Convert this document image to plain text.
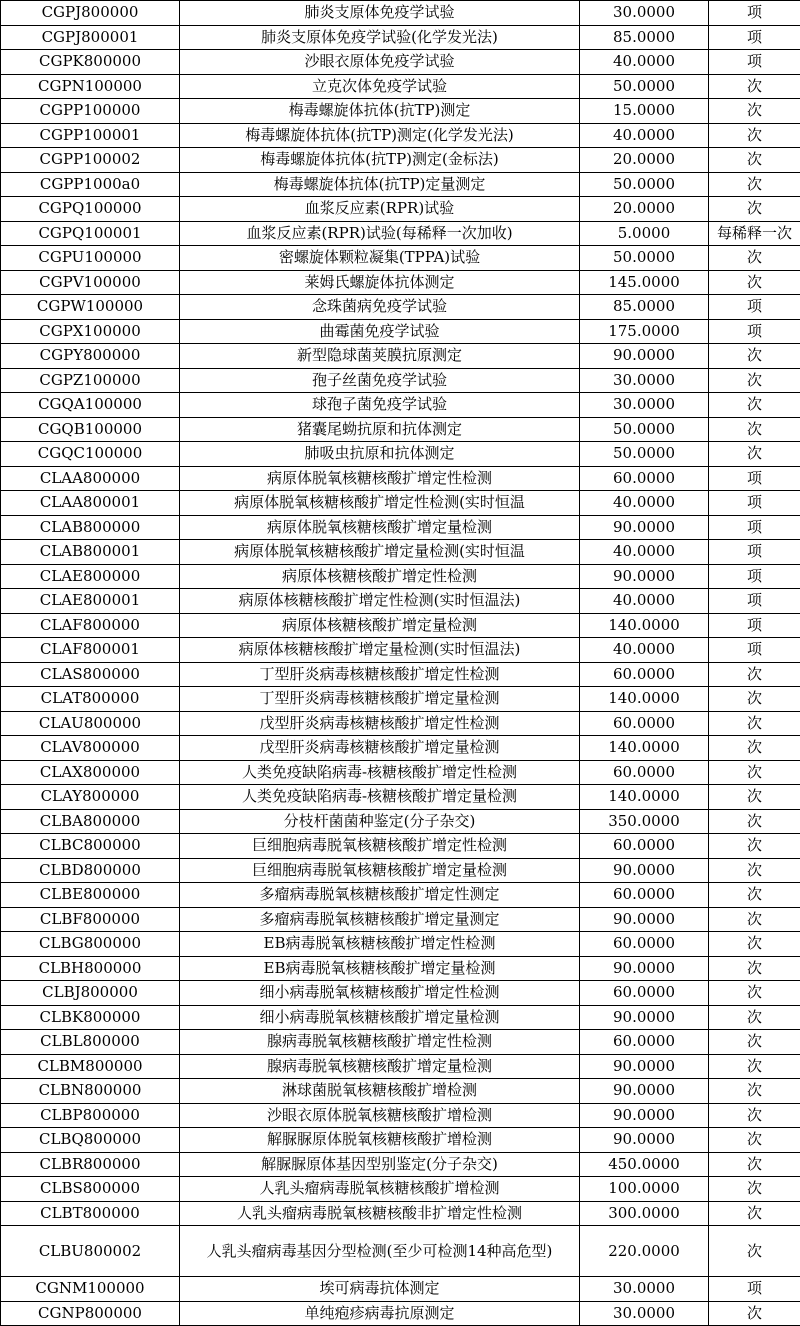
CGPJ800000	肺炎支原体免疫学试验	30.0000	项
CGPJ800001	肺炎支原体免疫学试验(化学发光法)	85.0000	项
CGPK800000	沙眼衣原体免疫学试验	40.0000	项
CGPN100000	立克次体免疫学试验	50.0000	次
CGPP100000	梅毒螺旋体抗体(抗TP)测定	15.0000	次
CGPP100001	梅毒螺旋体抗体(抗TP)测定(化学发光法)	40.0000	次
CGPP100002	梅毒螺旋体抗体(抗TP)测定(金标法)	20.0000	次
CGPP1000a0	梅毒螺旋体抗体(抗TP)定量测定	50.0000	次
CGPQ100000	血浆反应素(RPR)试验	20.0000	次
CGPQ100001	血浆反应素(RPR)试验(每稀释一次加收)	5.0000	每稀释一次
CGPU100000	密螺旋体颗粒凝集(TPPA)试验	50.0000	次
CGPV100000	莱姆氏螺旋体抗体测定	145.0000	次
CGPW100000	念珠菌病免疫学试验	85.0000	项
CGPX100000	曲霉菌免疫学试验	175.0000	项
CGPY800000	新型隐球菌荚膜抗原测定	90.0000	次
CGPZ100000	孢子丝菌免疫学试验	30.0000	次
CGQA100000	球孢子菌免疫学试验	30.0000	次
CGQB100000	猪囊尾蚴抗原和抗体测定	50.0000	次
CGQC100000	肺吸虫抗原和抗体测定	50.0000	次
CLAA800000	病原体脱氧核糖核酸扩增定性检测	60.0000	项
CLAA800001	病原体脱氧核糖核酸扩增定性检测(实时恒温	40.0000	项
CLAB800000	病原体脱氧核糖核酸扩增定量检测	90.0000	项
CLAB800001	病原体脱氧核糖核酸扩增定量检测(实时恒温	40.0000	项
CLAE800000	病原体核糖核酸扩增定性检测	90.0000	项
CLAE800001	病原体核糖核酸扩增定性检测(实时恒温法)	40.0000	项
CLAF800000	病原体核糖核酸扩增定量检测	140.0000	项
CLAF800001	病原体核糖核酸扩增定量检测(实时恒温法)	40.0000	项
CLAS800000	丁型肝炎病毒核糖核酸扩增定性检测	60.0000	次
CLAT800000	丁型肝炎病毒核糖核酸扩增定量检测	140.0000	次
CLAU800000	戊型肝炎病毒核糖核酸扩增定性检测	60.0000	次
CLAV800000	戊型肝炎病毒核糖核酸扩增定量检测	140.0000	次
CLAX800000	人类免疫缺陷病毒-核糖核酸扩增定性检测	60.0000	次
CLAY800000	人类免疫缺陷病毒-核糖核酸扩增定量检测	140.0000	次
CLBA800000	分枝杆菌菌种鉴定(分子杂交)	350.0000	次
CLBC800000	巨细胞病毒脱氧核糖核酸扩增定性检测	60.0000	次
CLBD800000	巨细胞病毒脱氧核糖核酸扩增定量检测	90.0000	次
CLBE800000	多瘤病毒脱氧核糖核酸扩增定性测定	60.0000	次
CLBF800000	多瘤病毒脱氧核糖核酸扩增定量测定	90.0000	次
CLBG800000	EB病毒脱氧核糖核酸扩增定性检测	60.0000	次
CLBH800000	EB病毒脱氧核糖核酸扩增定量检测	90.0000	次
CLBJ800000	细小病毒脱氧核糖核酸扩增定性检测	60.0000	次
CLBK800000	细小病毒脱氧核糖核酸扩增定量检测	90.0000	次
CLBL800000	腺病毒脱氧核糖核酸扩增定性检测	60.0000	次
CLBM800000	腺病毒脱氧核糖核酸扩增定量检测	90.0000	次
CLBN800000	淋球菌脱氧核糖核酸扩增检测	90.0000	次
CLBP800000	沙眼衣原体脱氧核糖核酸扩增检测	90.0000	次
CLBQ800000	解脲脲原体脱氧核糖核酸扩增检测	90.0000	次
CLBR800000	解脲脲原体基因型别鉴定(分子杂交)	450.0000	次
CLBS800000	人乳头瘤病毒脱氧核糖核酸扩增检测	100.0000	次
CLBT800000	人乳头瘤病毒脱氧核糖核酸非扩增定性检测	300.0000	次
CLBU800002	人乳头瘤病毒基因分型检测(至少可检测14种高危型)	220.0000	次
CGNM100000	埃可病毒抗体测定	30.0000	项
CGNP800000	单纯疱疹病毒抗原测定	30.0000	次
